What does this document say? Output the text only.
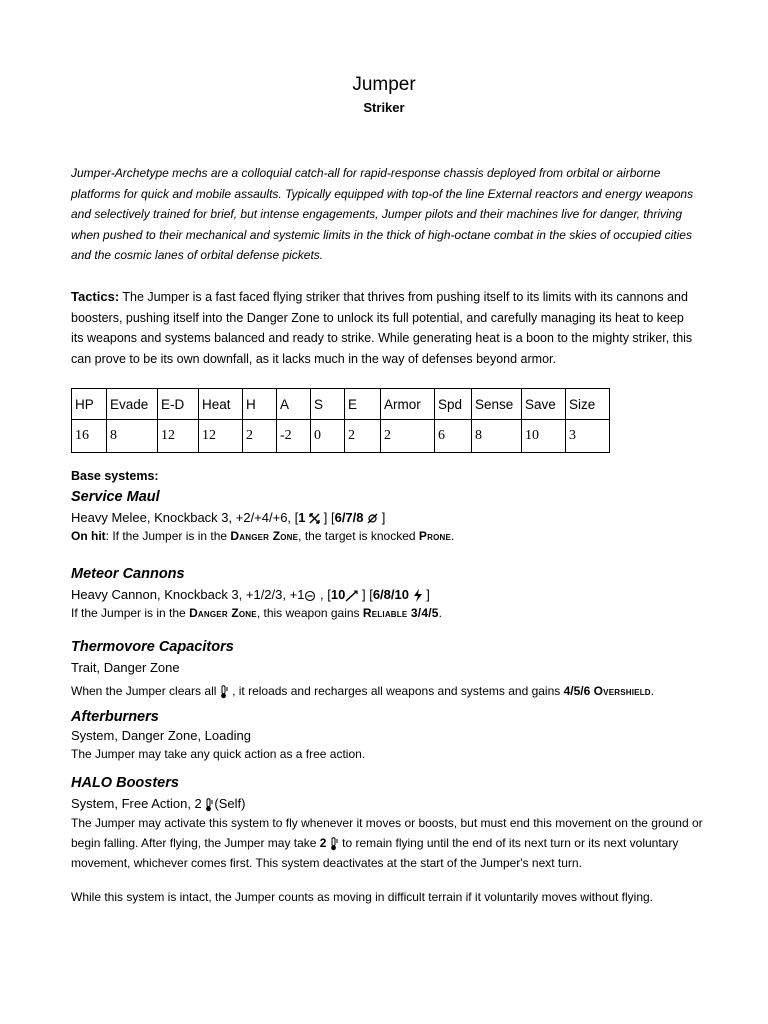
Jumper
Striker

Jumper-Archetype mechs are a colloquial catch-all for rapid-response chassis deployed from orbital or airborne platforms for quick and mobile assaults. Typically equipped with top-of the line External reactors and energy weapons and selectively trained for brief, but intense engagements, Jumper pilots and their machines live for danger, thriving when pushed to their mechanical and systemic limits in the thick of high-octane combat in the skies of occupied cities and the cosmic lanes of orbital defense pickets.

Tactics: The Jumper is a fast faced flying striker that thrives from pushing itself to its limits with its cannons and boosters, pushing itself into the Danger Zone to unlock its full potential, and carefully managing its heat to keep its weapons and systems balanced and ready to strike. While generating heat is a boon to the mighty striker, this can prove to be its own downfall, as it lacks much in the way of defenses beyond armor.

HP	Evade	E-D	Heat	H	A	S	E	Armor	Spd	Sense	Save	Size
16	8	12	12	2	-2	0	2	2	6	8	10	3
Base systems:
Service Maul
Heavy Melee, Knockback 3, +2/+4/+6, [1  ] [6/7/8  ]
On hit: If the Jumper is in the Danger Zone, the target is knocked Prone.
Meteor Cannons
Heavy Cannon, Knockback 3, +1/2/3, +1 , [10 ] [6/8/10  ]
If the Jumper is in the Danger Zone, this weapon gains Reliable 3/4/5.
Thermovore Capacitors
Trait, Danger Zone
When the Jumper clears all  , it reloads and recharges all weapons and systems and gains 4/5/6 Overshield.
Afterburners
System, Danger Zone, Loading
The Jumper may take any quick action as a free action.
HALO Boosters
System, Free Action, 2 (Self)
The Jumper may activate this system to fly whenever it moves or boosts, but must end this movement on the ground or begin falling. After flying, the Jumper may take 2  to remain flying until the end of its next turn or its next voluntary movement, whichever comes first. This system deactivates at the start of the Jumper's next turn.
While this system is intact, the Jumper counts as moving in difficult terrain if it voluntarily moves without flying.
